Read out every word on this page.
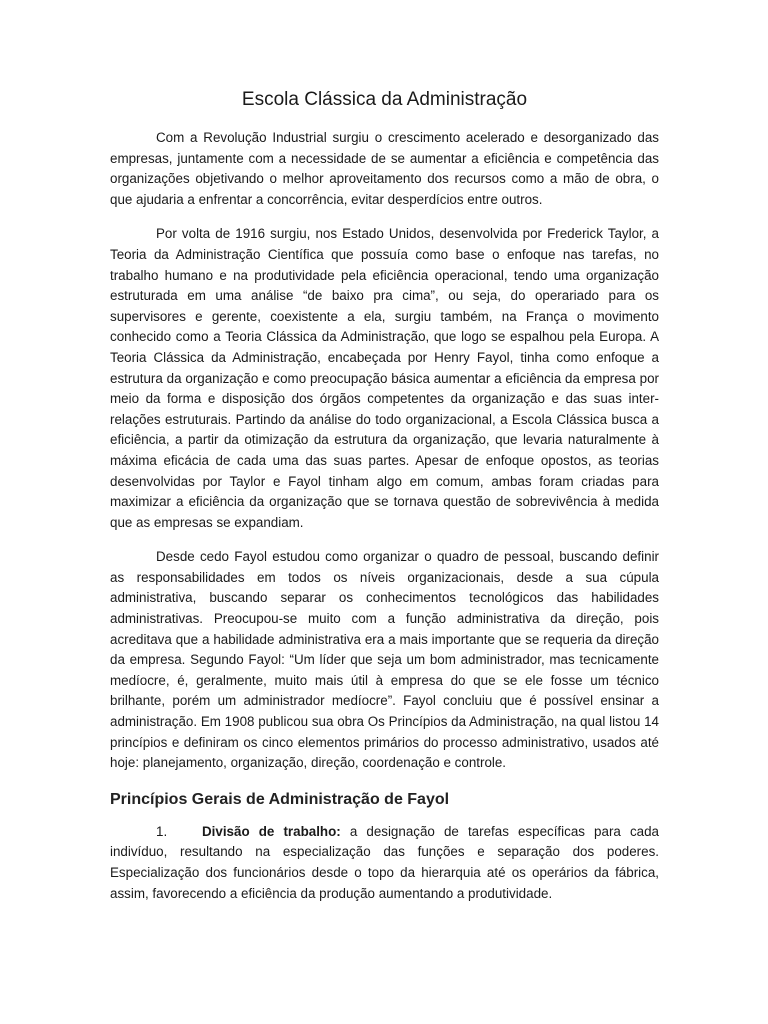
Escola Clássica da Administração

Com a Revolução Industrial surgiu o crescimento acelerado e desorganizado das empresas, juntamente com a necessidade de se aumentar a eficiência e competência das organizações objetivando o melhor aproveitamento dos recursos como a mão de obra, o que ajudaria a enfrentar a concorrência, evitar desperdícios entre outros.

Por volta de 1916 surgiu, nos Estado Unidos, desenvolvida por Frederick Taylor, a Teoria da Administração Científica que possuía como base o enfoque nas tarefas, no trabalho humano e na produtividade pela eficiência operacional, tendo uma organização estruturada em uma análise “de baixo pra cima”, ou seja, do operariado para os supervisores e gerente, coexistente a ela, surgiu também, na França o movimento conhecido como a Teoria Clássica da Administração, que logo se espalhou pela Europa. A Teoria Clássica da Administração, encabeçada por Henry Fayol, tinha como enfoque a estrutura da organização e como preocupação básica aumentar a eficiência da empresa por meio da forma e disposição dos órgãos competentes da organização e das suas inter-relações estruturais. Partindo da análise do todo organizacional, a Escola Clássica busca a eficiência, a partir da otimização da estrutura da organização, que levaria naturalmente à máxima eficácia de cada uma das suas partes. Apesar de enfoque opostos, as teorias desenvolvidas por Taylor e Fayol tinham algo em comum, ambas foram criadas para maximizar a eficiência da organização que se tornava questão de sobrevivência à medida que as empresas se expandiam.

Desde cedo Fayol estudou como organizar o quadro de pessoal, buscando definir as responsabilidades em todos os níveis organizacionais, desde a sua cúpula administrativa, buscando separar os conhecimentos tecnológicos das habilidades administrativas. Preocupou-se muito com a função administrativa da direção, pois acreditava que a habilidade administrativa era a mais importante que se requeria da direção da empresa. Segundo Fayol: “Um líder que seja um bom administrador, mas tecnicamente medíocre, é, geralmente, muito mais útil à empresa do que se ele fosse um técnico brilhante, porém um administrador medíocre”. Fayol concluiu que é possível ensinar a administração. Em 1908 publicou sua obra Os Princípios da Administração, na qual listou 14 princípios e definiram os cinco elementos primários do processo administrativo, usados até hoje: planejamento, organização, direção, coordenação e controle.

Princípios Gerais de Administração de Fayol

1.	Divisão de trabalho: a designação de tarefas específicas para cada indivíduo, resultando na especialização das funções e separação dos poderes. Especialização dos funcionários desde o topo da hierarquia até os operários da fábrica, assim, favorecendo a eficiência da produção aumentando a produtividade.
